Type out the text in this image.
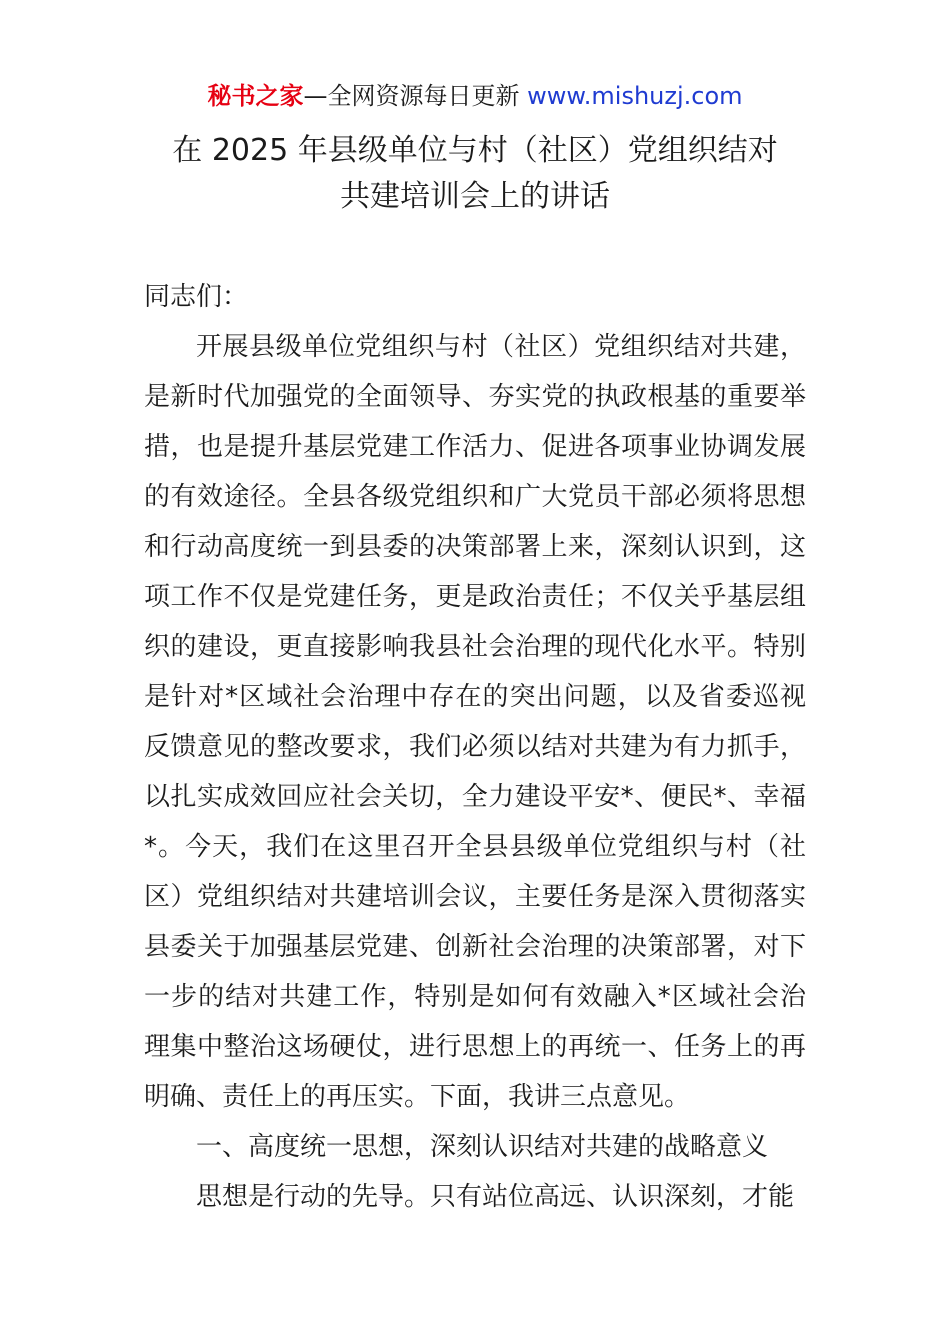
秘书之家—全网资源每日更新 www.mishuzj.com
在 2025 年县级单位与村（社区）党组织结对
共建培训会上的讲话

同志们：

开展县级单位党组织与村（社区）党组织结对共建，是新时代加强党的全面领导、夯实党的执政根基的重要举措，也是提升基层党建工作活力、促进各项事业协调发展的有效途径。全县各级党组织和广大党员干部必须将思想和行动高度统一到县委的决策部署上来，深刻认识到，这项工作不仅是党建任务，更是政治责任；不仅关乎基层组织的建设，更直接影响我县社会治理的现代化水平。特别是针对*区域社会治理中存在的突出问题，以及省委巡视反馈意见的整改要求，我们必须以结对共建为有力抓手，以扎实成效回应社会关切，全力建设平安*、便民*、幸福*。今天，我们在这里召开全县县级单位党组织与村（社区）党组织结对共建培训会议，主要任务是深入贯彻落实县委关于加强基层党建、创新社会治理的决策部署，对下一步的结对共建工作，特别是如何有效融入*区域社会治理集中整治这场硬仗，进行思想上的再统一、任务上的再明确、责任上的再压实。下面，我讲三点意见。

一、高度统一思想，深刻认识结对共建的战略意义

思想是行动的先导。只有站位高远、认识深刻，才能
